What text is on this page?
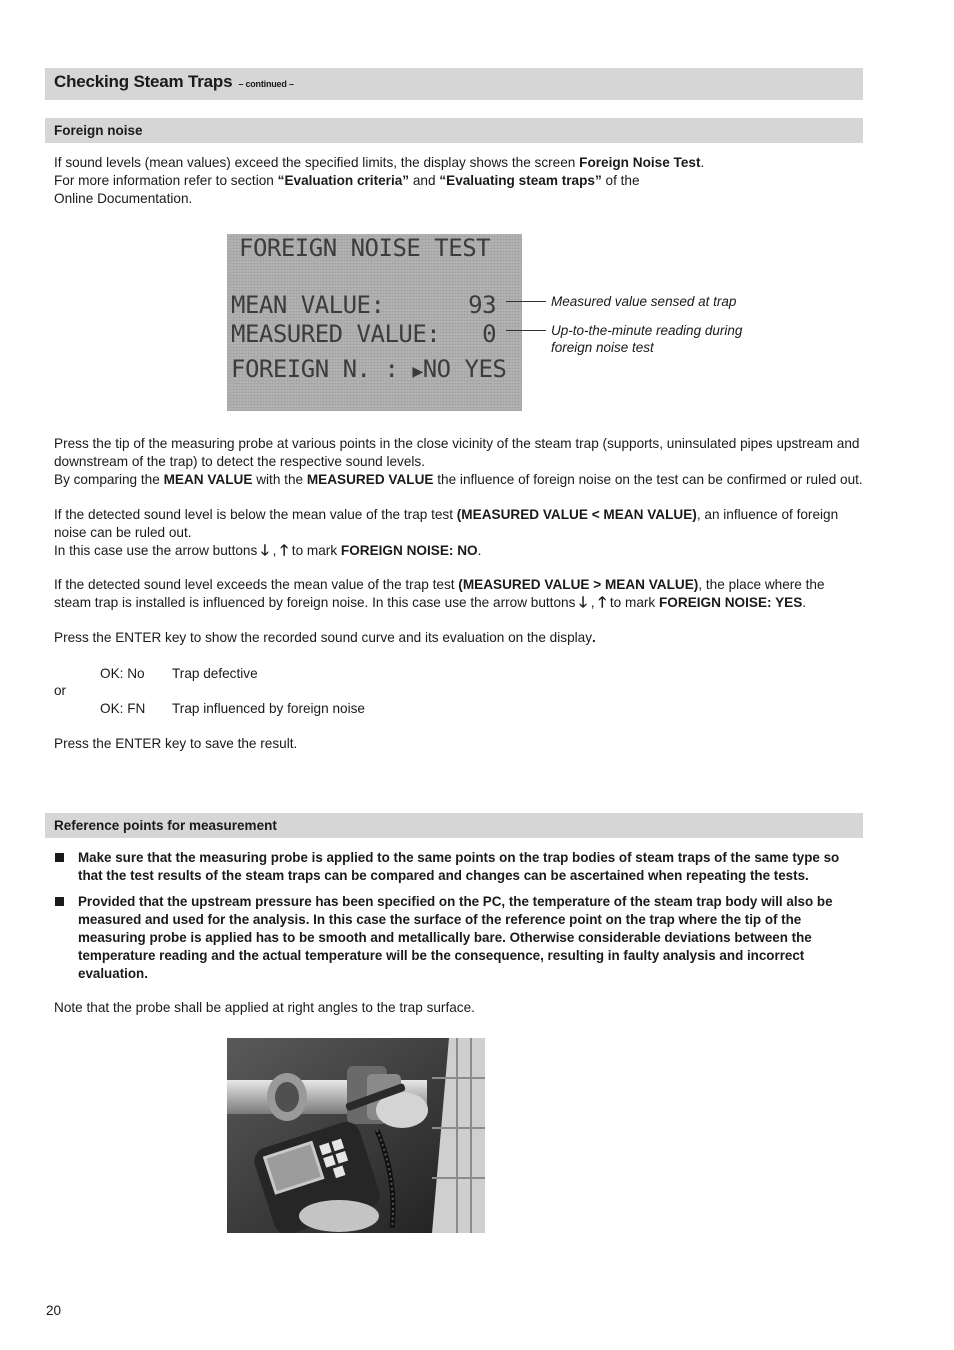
Checking Steam Traps – continued –
Foreign noise
If sound levels (mean values) exceed the specified limits, the display shows the screen Foreign Noise Test.
For more information refer to section “Evaluation criteria” and “Evaluating steam traps” of the
Online Documentation.
FOREIGN NOISE TEST
MEAN VALUE:      93
MEASURED VALUE:   0
FOREIGN N. : ▶NO YES
Measured value sensed at trap
Up-to-the-minute reading during foreign noise test
Press the tip of the measuring probe at various points in the close vicinity of the steam trap (supports, uninsulated pipes upstream and downstream of the trap) to detect the respective sound levels.
By comparing the MEAN VALUE with the MEASURED VALUE the influence of foreign noise on the test can be confirmed or ruled out.
If the detected sound level is below the mean value of the trap test (MEASURED VALUE < MEAN VALUE), an influence of foreign noise can be ruled out.
In this case use the arrow buttons 🡓 , 🡑 to mark FOREIGN NOISE: NO.
If the detected sound level exceeds the mean value of the trap test (MEASURED VALUE > MEAN VALUE), the place where the steam trap is installed is influenced by foreign noise. In this case use the arrow buttons 🡓 , 🡑 to mark FOREIGN NOISE: YES.
Press the ENTER key to show the recorded sound curve and its evaluation on the display.
OK: No Trap defective
or
OK: FN Trap influenced by foreign noise
Press the ENTER key to save the result.
Reference points for measurement
Make sure that the measuring probe is applied to the same points on the trap bodies of steam traps of the same type so that the test results of the steam traps can be compared and changes can be ascertained when repeating the tests.
Provided that the upstream pressure has been specified on the PC, the temperature of the steam trap body will also be measured and used for the analysis. In this case the surface of the reference point on the trap where the tip of the measuring probe is applied has to be smooth and metallically bare. Otherwise considerable deviations between the temperature reading and the actual temperature will be the consequence, resulting in faulty analysis and incorrect evaluation.
Note that the probe shall be applied at right angles to the trap surface.
20
